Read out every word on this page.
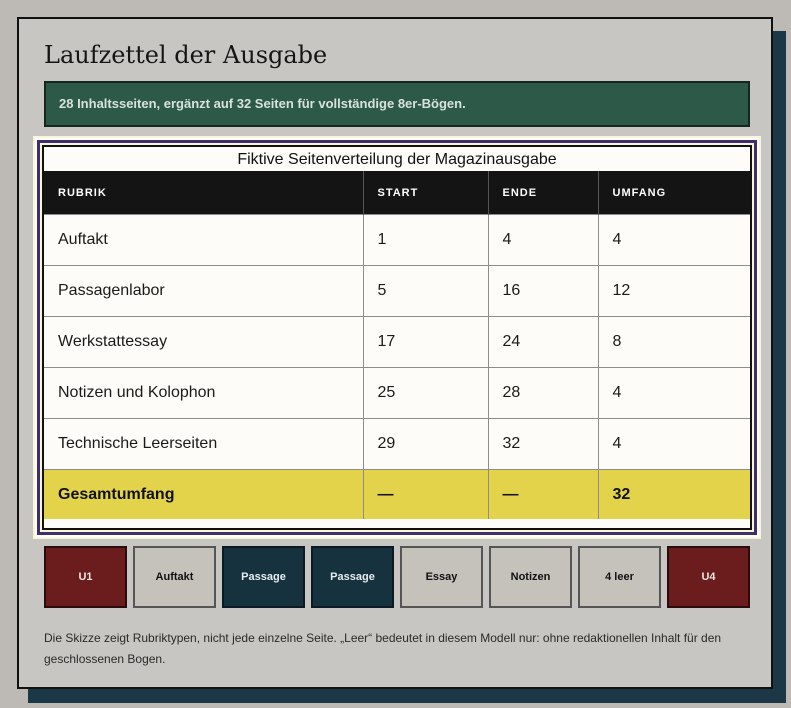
Laufzettel der Ausgabe
28 Inhaltsseiten, ergänzt auf 32 Seiten für vollständige 8er-Bögen.
Fiktive Seitenverteilung der Magazinausgabe
RUBRIK	START	ENDE	UMFANG
Auftakt	1	4	4
Passagenlabor	5	16	12
Werkstattessay	17	24	8
Notizen und Kolophon	25	28	4
Technische Leerseiten	29	32	4
Gesamtumfang	—	—	32
U1	Auftakt	Passage	Passage	Essay	Notizen	4 leer	U4

Die Skizze zeigt Rubriktypen, nicht jede einzelne Seite. „Leer“ bedeutet in diesem Modell nur: ohne redaktionellen Inhalt für den geschlossenen Bogen.
